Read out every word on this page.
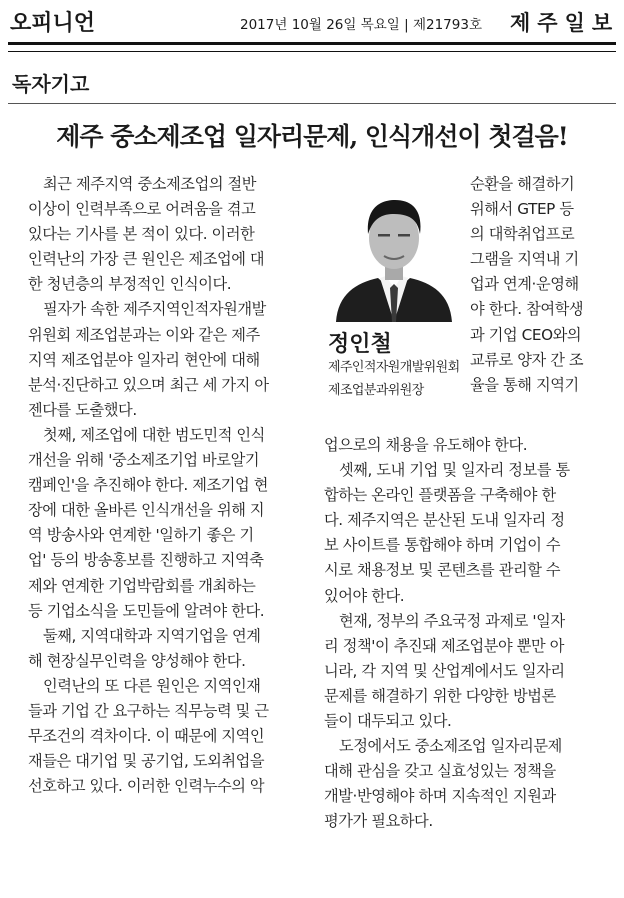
오피니언	2017년 10월 26일 목요일 | 제21793호 제주일보
독자기고
제주 중소제조업 일자리문제, 인식개선이 첫걸음!

최근 제주지역 중소제조업의 절반
이상이 인력부족으로 어려움을 겪고
있다는 기사를 본 적이 있다. 이러한
인력난의 가장 큰 원인은 제조업에 대
한 청년층의 부정적인 인식이다.

필자가 속한 제주지역인적자원개발
위원회 제조업분과는 이와 같은 제주
지역 제조업분야 일자리 현안에 대해
분석·진단하고 있으며 최근 세 가지 아
젠다를 도출했다.

첫째, 제조업에 대한 범도민적 인식
개선을 위해 '중소제조기업 바로알기
캠페인'을 추진해야 한다. 제조기업 현
장에 대한 올바른 인식개선을 위해 지
역 방송사와 연계한 '일하기 좋은 기
업' 등의 방송홍보를 진행하고 지역축
제와 연계한 기업박람회를 개최하는
등 기업소식을 도민들에 알려야 한다.

둘째, 지역대학과 지역기업을 연계
해 현장실무인력을 양성해야 한다.

인력난의 또 다른 원인은 지역인재
들과 기업 간 요구하는 직무능력 및 근
무조건의 격차이다. 이 때문에 지역인
재들은 대기업 및 공기업, 도외취업을
선호하고 있다. 이러한 인력누수의 악

정인철
제주인적자원개발위원회
제조업분과위원장
순환을 해결하기
위해서 GTEP 등
의 대학취업프로
그램을 지역내 기
업과 연계·운영해
야 한다. 참여학생
과 기업 CEO와의
교류로 양자 간 조
율을 통해 지역기

업으로의 채용을 유도해야 한다.

셋째, 도내 기업 및 일자리 정보를 통
합하는 온라인 플랫폼을 구축해야 한
다. 제주지역은 분산된 도내 일자리 정
보 사이트를 통합해야 하며 기업이 수
시로 채용정보 및 콘텐츠를 관리할 수
있어야 한다.

현재, 정부의 주요국정 과제로 '일자
리 정책'이 추진돼 제조업분야 뿐만 아
니라, 각 지역 및 산업계에서도 일자리
문제를 해결하기 위한 다양한 방법론
들이 대두되고 있다.

도정에서도 중소제조업 일자리문제
대해 관심을 갖고 실효성있는 정책을
개발·반영해야 하며 지속적인 지원과
평가가 필요하다.
